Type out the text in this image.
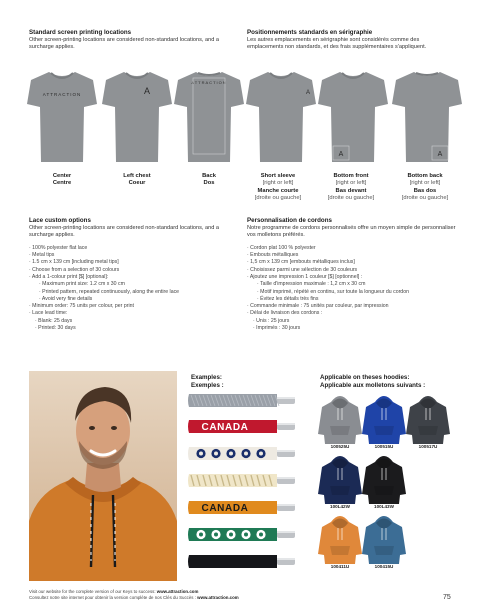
Standard screen printing locations
Other screen-printing locations are considered non-standard locations, and a surcharge applies.
Positionnements standards en sérigraphie
Les autres emplacements en sérigraphie sont considérés comme des emplacements non standards, et des frais supplémentaires s'appliquent.
ATTRACTION
Center
Centre
A
Left chest
Coeur
ATTRACTION
Back
Dos
A
Short sleeve
[right or left]
Manche courte
[droite ou gauche]
A
Bottom front
[right or left]
Bas devant
[droite ou gauche]
A
Bottom back
[right or left]
Bas dos
[droite ou gauche]
Lace custom options
Other screen-printing locations are considered non-standard locations, and a surcharge applies.
· 100% polyester flat lace
· Metal tips
· 1.5 cm x 139 cm [including metal tips]
· Choose from a selection of 30 colours
· Add a 1-colour print [$] [optional]:
· Maximum print size: 1.2 cm x 30 cm
· Printed pattern, repeated continuously, along the entire lace
· Avoid very fine details
· Minimum order: 75 units per colour, per print
· Lace lead time:
· Blank: 25 days
· Printed: 30 days
Personnalisation de cordons
Notre programme de cordons personnalisés offre un moyen simple de personnaliser vos molletons préférés.
· Cordon plat 100 % polyester
· Embouts métalliques
· 1,5 cm x 139 cm [embouts métalliques inclus]
· Choisissez parmi une sélection de 30 couleurs
· Ajoutez une impression 1 couleur [$] [optionnel] :
· Taille d'impression maximale : 1,2 cm x 30 cm
· Motif imprimé, répété en continu, sur toute la longueur du cordon
· Évitez les détails très fins
· Commande minimale : 75 unités par couleur, par impression
· Délai de livraison des cordons :
· Unis : 25 jours
· Imprimés : 30 jours
Examples:
Exemples :
CANADA
CANADA
Applicable on theses hoodies:
Applicable aux molletons suivants :
100525U	100515U	100517U
100L42W	100L43W
100411U	100415U
Visit our website for the complete version of our Keys to success: www.attraction.com
Consultez notre site internet pour obtenir la version complète de nos Clés du Succès : www.attraction.com	75
